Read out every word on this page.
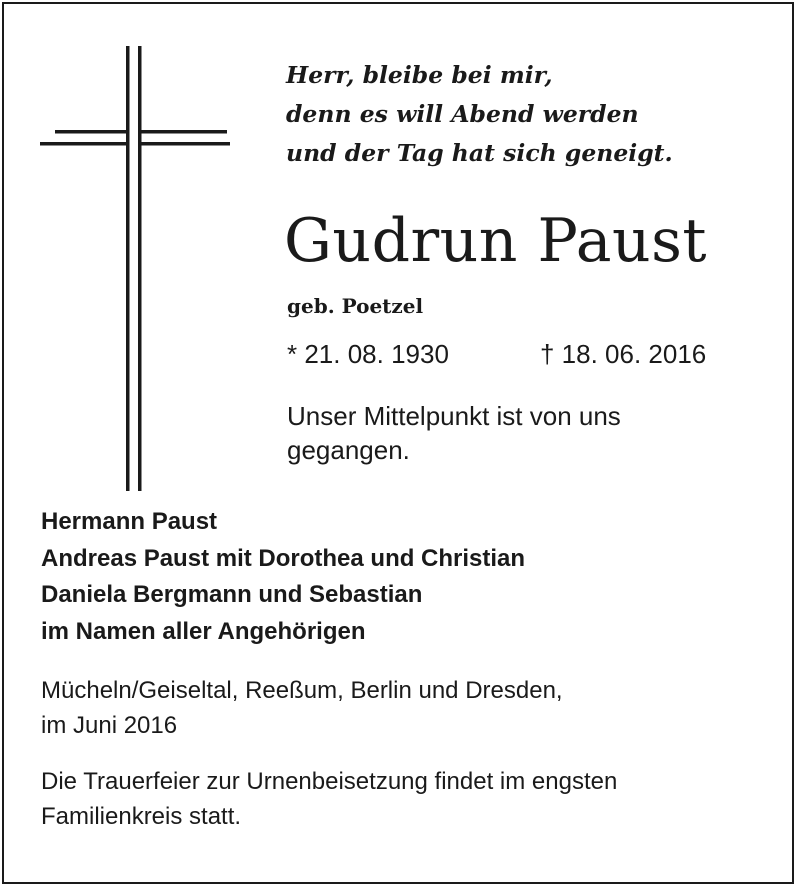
Herr, bleibe bei mir,
denn es will Abend werden
und der Tag hat sich geneigt.
Gudrun Paust
geb. Poetzel
* 21. 08. 1930	† 18. 06. 2016
Unser Mittelpunkt ist von uns
gegangen.
Hermann Paust
Andreas Paust mit Dorothea und Christian
Daniela Bergmann und Sebastian
im Namen aller Angehörigen
Mücheln/Geiseltal, Reeßum, Berlin und Dresden,
im Juni 2016
Die Trauerfeier zur Urnenbeisetzung findet im engsten
Familienkreis statt.
